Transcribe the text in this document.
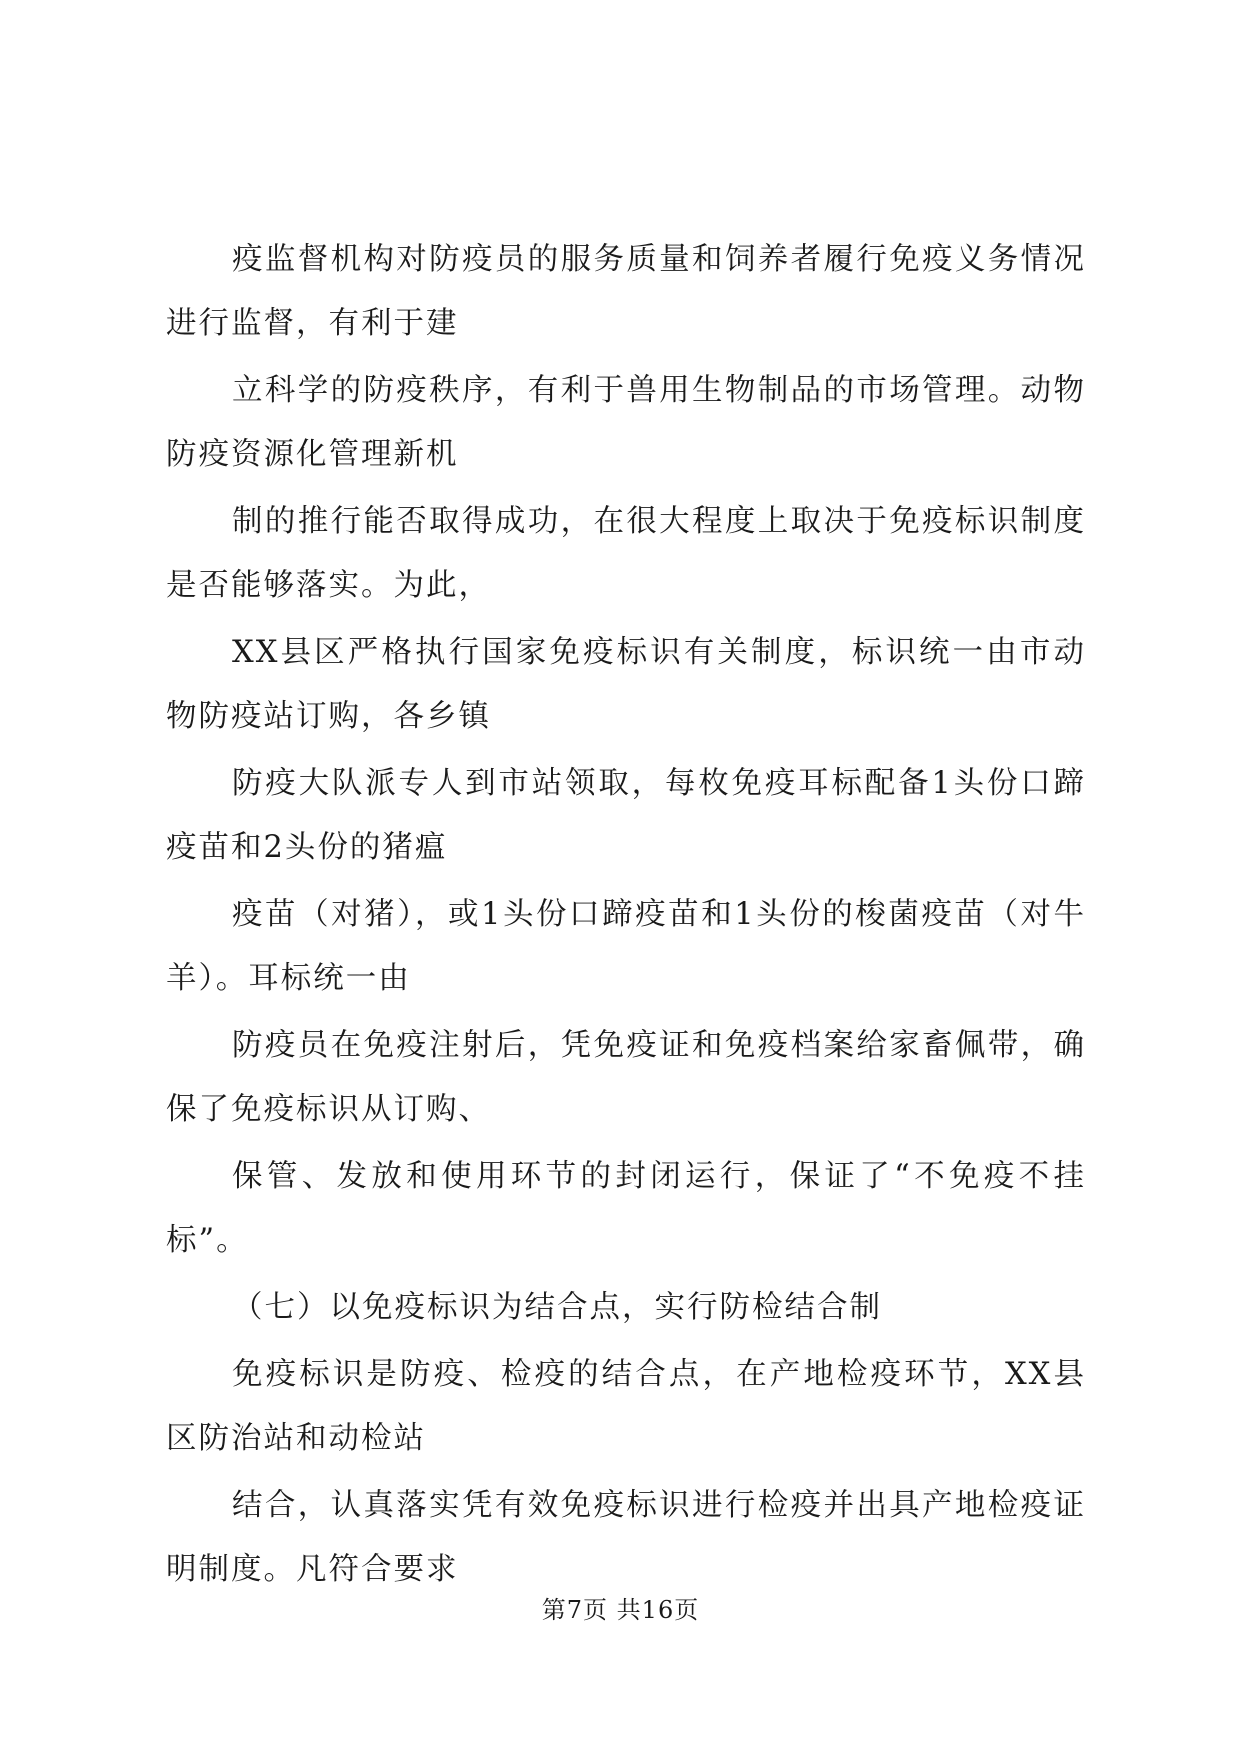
疫监督机构对防疫员的服务质量和饲养者履行免疫义务情况进行监督，有利于建

立科学的防疫秩序，有利于兽用生物制品的市场管理。动物防疫资源化管理新机

制的推行能否取得成功，在很大程度上取决于免疫标识制度是否能够落实。为此，

XX县区严格执行国家免疫标识有关制度，标识统一由市动物防疫站订购，各乡镇

防疫大队派专人到市站领取，每枚免疫耳标配备1头份口蹄疫苗和2头份的猪瘟

疫苗（对猪），或1头份口蹄疫苗和1头份的梭菌疫苗（对牛羊）。耳标统一由

防疫员在免疫注射后，凭免疫证和免疫档案给家畜佩带，确保了免疫标识从订购、

保管、发放和使用环节的封闭运行，保证了“不免疫不挂标”。

（七）以免疫标识为结合点，实行防检结合制

免疫标识是防疫、检疫的结合点，在产地检疫环节，XX县区防治站和动检站

结合，认真落实凭有效免疫标识进行检疫并出具产地检疫证明制度。凡符合要求

第7页 共16页
